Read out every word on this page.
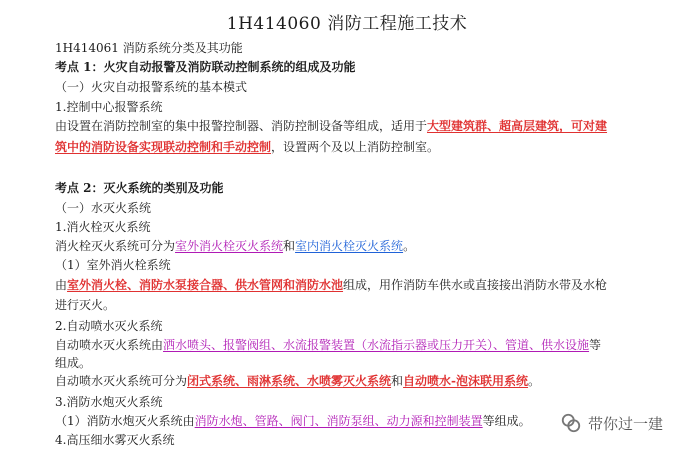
1H414060 消防工程施工技术
1H414061 消防系统分类及其功能
考点 1：火灾自动报警及消防联动控制系统的组成及功能
（一）火灾自动报警系统的基本模式
1.控制中心报警系统
由设置在消防控制室的集中报警控制器、消防控制设备等组成，适用于大型建筑群、超高层建筑，可对建
筑中的消防设备实现联动控制和手动控制，设置两个及以上消防控制室。
考点 2：灭火系统的类别及功能
（一）水灭火系统
1.消火栓灭火系统
消火栓灭火系统可分为室外消火栓灭火系统和室内消火栓灭火系统。
（1）室外消火栓系统
由室外消火栓、消防水泵接合器、供水管网和消防水池组成，用作消防车供水或直接接出消防水带及水枪
进行灭火。
2.自动喷水灭火系统
自动喷水灭火系统由洒水喷头、报警阀组、水流报警装置（水流指示器或压力开关）、管道、供水设施等
组成。
自动喷水灭火系统可分为闭式系统、雨淋系统、水喷雾灭火系统和自动喷水-泡沫联用系统。
3.消防水炮灭火系统
（1）消防水炮灭火系统由消防水炮、管路、阀门、消防泵组、动力源和控制装置等组成。
4.高压细水雾灭火系统
带你过一建
